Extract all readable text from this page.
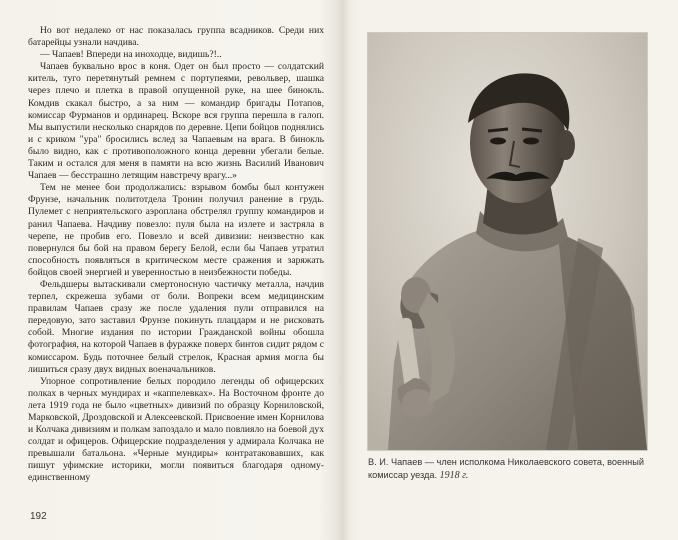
Но вот недалеко от нас показалась группа всадников. Среди них батарейцы узнали начдива.

— Чапаев! Впереди на иноходце, видишь?!..

Чапаев буквально врос в коня. Одет он был просто — солдатский китель, туго перетянутый ремнем с портупеями, револьвер, шашка через плечо и плетка в правой опущенной руке, на шее бинокль. Комдив скакал быстро, а за ним — командир бригады Потапов, комиссар Фурманов и ординарец. Вскоре вся группа перешла в галоп. Мы выпустили несколько снарядов по деревне. Цепи бойцов поднялись и с криком "ура" бросились вслед за Чапаевым на врага. В бинокль было видно, как с противоположного конца деревни убегали белые. Таким и остался для меня в памяти на всю жизнь Василий Иванович Чапаев — бесстрашно летящим навстречу врагу...»

Тем не менее бои продолжались: взрывом бомбы был контужен Фрунзе, начальник политотдела Тронин получил ранение в грудь. Пулемет с неприятельского аэроплана обстрелял группу командиров и ранил Чапаева. Начдиву повезло: пуля была на излете и застряла в черепе, не пробив его. Повезло и всей дивизии: неизвестно как повернулся бы бой на правом берегу Белой, если бы Чапаев утратил способность появляться в критическом месте сражения и заряжать бойцов своей энергией и уверенностью в неизбежности победы.

Фельдшеры вытаскивали смертоносную частичку металла, начдив терпел, скрежеша зубами от боли. Вопреки всем медицинским правилам Чапаев сразу же после удаления пули отправился на передовую, зато заставил Фрунзе покинуть плацдарм и не рисковать собой. Многие издания по истории Гражданской войны обошла фотография, на которой Чапаев в фуражке поверх бинтов сидит рядом с комиссаром. Будь поточнее белый стрелок, Красная армия могла бы лишиться сразу двух видных военачальников.

Упорное сопротивление белых породило легенды об офицерских полках в черных мундирах и «каппелевках». На Восточном фронте до лета 1919 года не было «цветных» дивизий по образцу Корниловской, Марковской, Дроздовской и Алексеевской. Присвоение имен Корнилова и Колчака дивизиям и полкам запоздало и мало повлияло на боевой дух солдат и офицеров. Офицерские подразделения у адмирала Колчака не превышали батальона. «Черные мундиры» контратаковавших, как пишут уфимские историки, могли появиться благодаря одному-единственному

192
В. И. Чапаев — член исполкома Николаевского совета, военный комиссар уезда. 1918 г.
